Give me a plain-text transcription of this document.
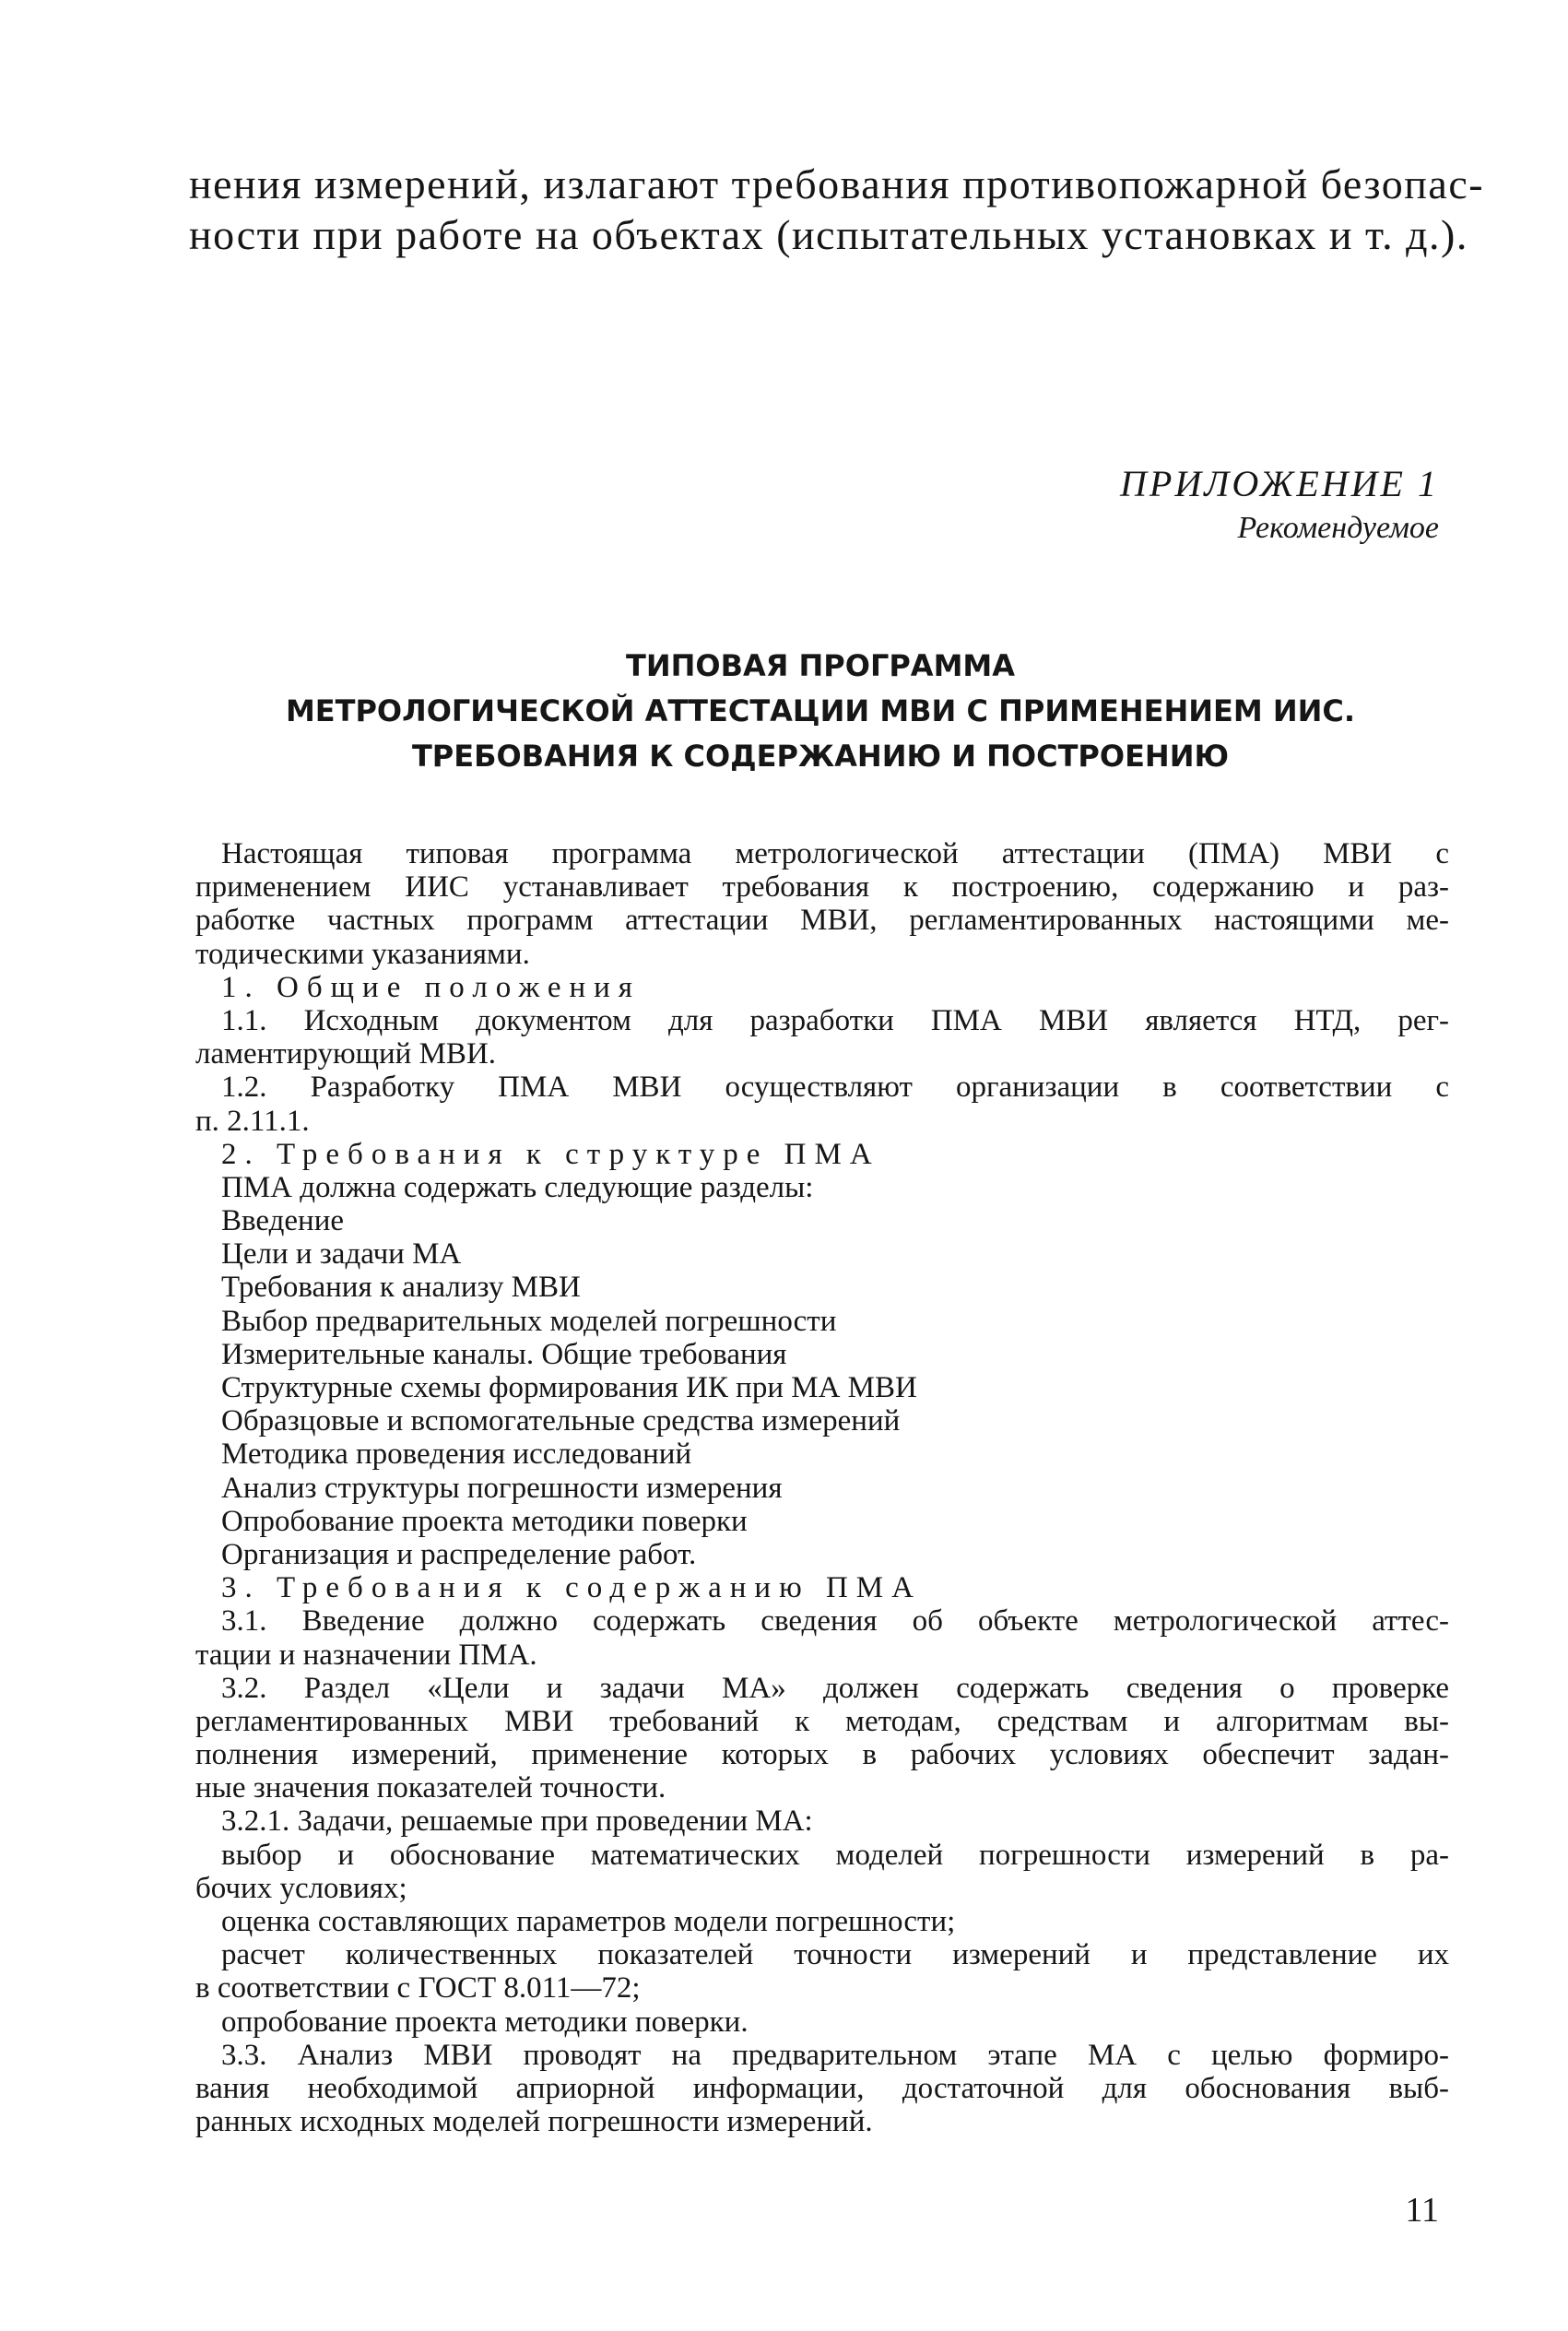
нения измерений, излагают требования противопожарной безопас-
ности при работе на объектах (испытательных установках и т. д.).
ПРИЛОЖЕНИЕ 1
Рекомендуемое
ТИПОВАЯ ПРОГРАММА
МЕТРОЛОГИЧЕСКОЙ АТТЕСТАЦИИ МВИ С ПРИМЕНЕНИЕМ ИИС.
ТРЕБОВАНИЯ К СОДЕРЖАНИЮ И ПОСТРОЕНИЮ
Настоящая типовая программа метрологической аттестации (ПМА) МВИ с
применением ИИС устанавливает требования к построению, содержанию и раз-
работке частных программ аттестации МВИ, регламентированных настоящими ме-
тодическими указаниями.
1. Общие положения
1.1. Исходным документом для разработки ПМА МВИ является НТД, рег-
ламентирующий МВИ.
1.2. Разработку ПМА МВИ осуществляют организации в соответствии с
п. 2.11.1.
2. Требования к структуре ПМА
ПМА должна содержать следующие разделы:
Введение
Цели и задачи МА
Требования к анализу МВИ
Выбор предварительных моделей погрешности
Измерительные каналы. Общие требования
Структурные схемы формирования ИК при МА МВИ
Образцовые и вспомогательные средства измерений
Методика проведения исследований
Анализ структуры погрешности измерения
Опробование проекта методики поверки
Организация и распределение работ.
3. Требования к содержанию ПМА
3.1. Введение должно содержать сведения об объекте метрологической аттес-
тации и назначении ПМА.
3.2. Раздел «Цели и задачи МА» должен содержать сведения о проверке
регламентированных МВИ требований к методам, средствам и алгоритмам вы-
полнения измерений, применение которых в рабочих условиях обеспечит задан-
ные значения показателей точности.
3.2.1. Задачи, решаемые при проведении МА:
выбор и обоснование математических моделей погрешности измерений в ра-
бочих условиях;
оценка составляющих параметров модели погрешности;
расчет количественных показателей точности измерений и представление их
в соответствии с ГОСТ 8.011—72;
опробование проекта методики поверки.
3.3. Анализ МВИ проводят на предварительном этапе МА с целью формиро-
вания необходимой априорной информации, достаточной для обоснования выб-
ранных исходных моделей погрешности измерений.
11
